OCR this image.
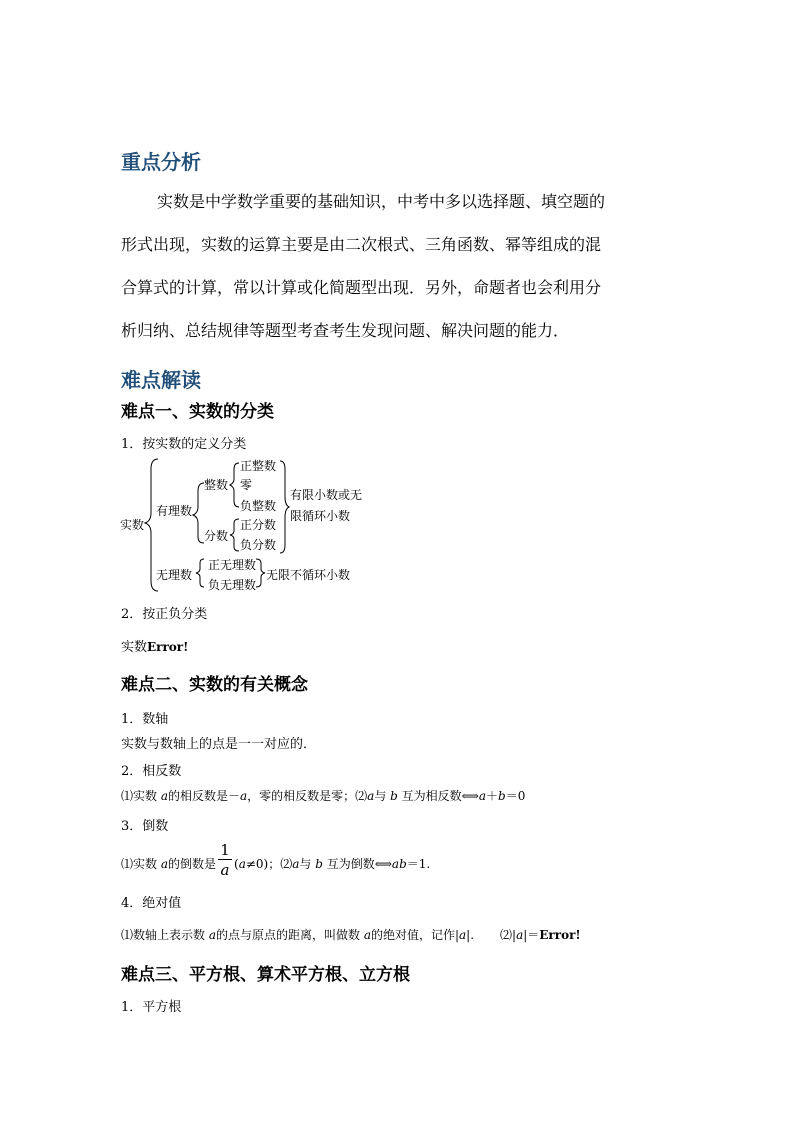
重点分析
实数是中学数学重要的基础知识，中考中多以选择题、填空题的
形式出现，实数的运算主要是由二次根式、三角函数、幂等组成的混
合算式的计算，常以计算或化简题型出现．另外，命题者也会利用分
析归纳、总结规律等题型考查考生发现问题、解决问题的能力．
难点解读
难点一、实数的分类
1．按实数的定义分类
实数
有理数
无理数
整数
分数
正整数
零
负整数
正分数
负分数
正无理数
负无理数
有限小数或无
限循环小数
无限不循环小数
2．按正负分类
实数Error!
难点二、实数的有关概念
1．数轴
实数与数轴上的点是一一对应的．
2．相反数
⑴实数 a的相反数是－a，零的相反数是零；⑵a与 b 互为相反数⟺a＋b＝0
3．倒数
⑴实数 a的倒数是 $\frac{1}{a} (a\ne 0)$；⑵a与 b 互为倒数⟺ab＝1.
4．绝对值
⑴数轴上表示数 a的点与原点的距离，叫做数 a的绝对值，记作|a|. ⑵|a|＝Error!
难点三、平方根、算术平方根、立方根
1．平方根
